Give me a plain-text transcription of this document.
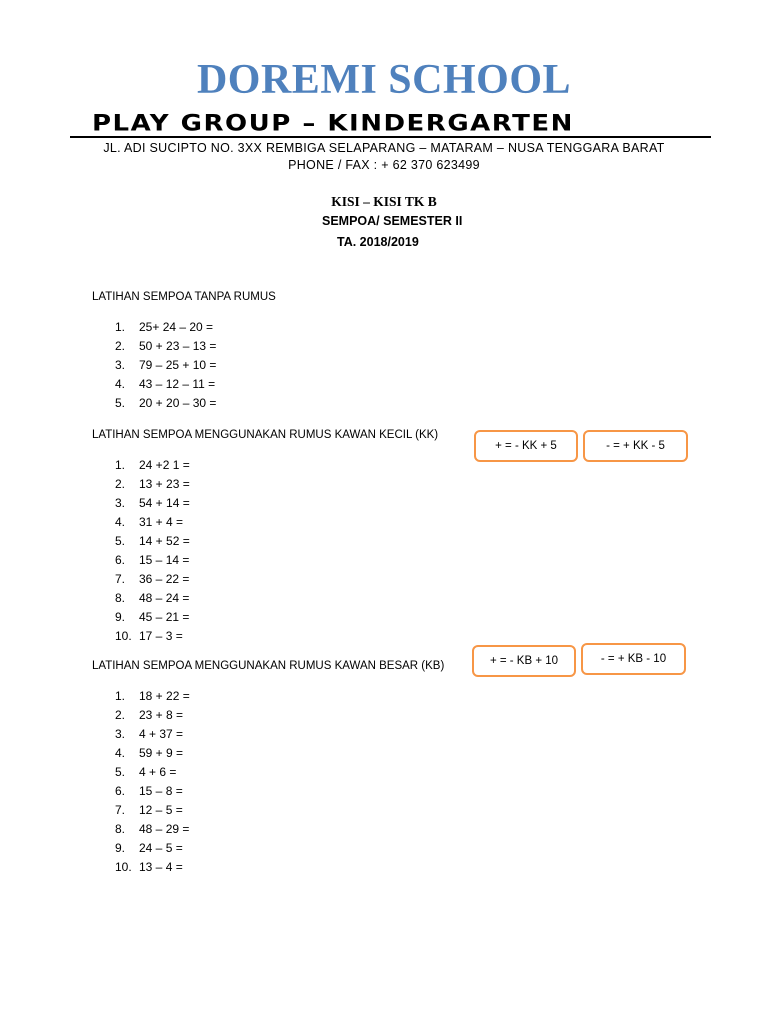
DOREMI SCHOOL
PLAY GROUP – KINDERGARTEN
JL. ADI SUCIPTO NO. 3XX REMBIGA SELAPARANG – MATARAM – NUSA TENGGARA BARAT
PHONE / FAX : + 62 370 623499
KISI – KISI TK B
SEMPOA/ SEMESTER II
TA. 2018/2019
LATIHAN SEMPOA TANPA RUMUS
1.	25+ 24 – 20 =
2.	50 + 23 – 13 =
3.	79 – 25 + 10 =
4.	43 – 12 – 11 =
5.	20 + 20 – 30 =
LATIHAN SEMPOA MENGGUNAKAN RUMUS KAWAN KECIL (KK)
+ = - KK + 5	- = + KK - 5
1.	24 +2 1 =
2.	13 + 23 =
3.	54 + 14 =
4.	31 + 4 =
5.	14 + 52 =
6.	15 – 14 =
7.	36 – 22 =
8.	48 – 24 =
9.	45 – 21 =
10. 17 – 3 =
LATIHAN SEMPOA MENGGUNAKAN RUMUS KAWAN BESAR (KB)	+ = - KB + 10	- = + KB - 10
1.	18 + 22 =
2.	23 + 8 =
3.	4 + 37 =
4.	59 + 9 =
5.	4 + 6 =
6.	15 – 8 =
7.	12 – 5 =
8.	48 – 29 =
9.	24 – 5 =
10. 13 – 4 =
